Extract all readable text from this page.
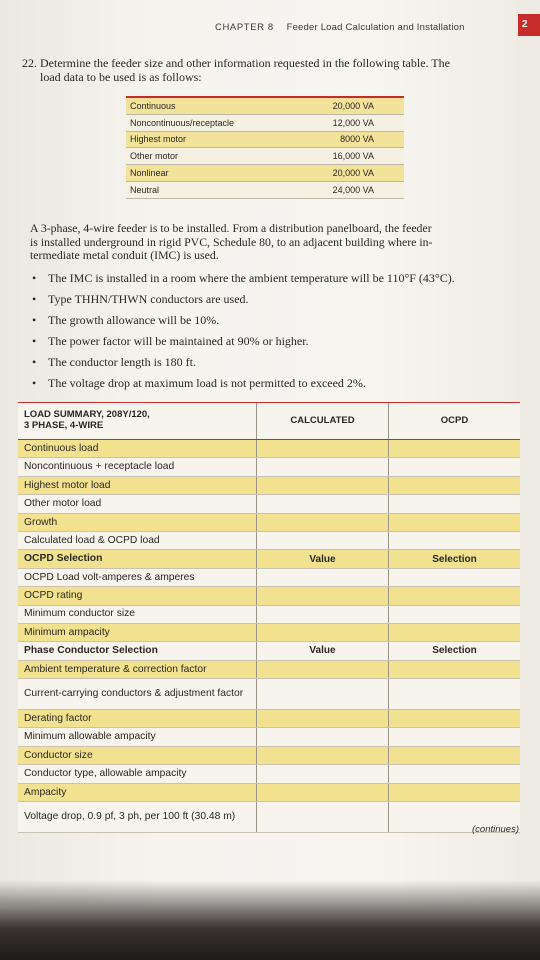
CHAPTER 8 Feeder Load Calculation and Installation	2
22. Determine the feeder size and other information requested in the following table. The
load data to be used is as follows:
Continuous	20,000 VA
Noncontinuous/receptacle	12,000 VA
Highest motor	8000 VA
Other motor	16,000 VA
Nonlinear	20,000 VA
Neutral	24,000 VA
A 3-phase, 4-wire feeder is to be installed. From a distribution panelboard, the feeder
is installed underground in rigid PVC, Schedule 80, to an adjacent building where in-
termediate metal conduit (IMC) is used.
• The IMC is installed in a room where the ambient temperature will be 110°F (43°C).
• Type THHN/THWN conductors are used.
• The growth allowance will be 10%.
• The power factor will be maintained at 90% or higher.
• The conductor length is 180 ft.
• The voltage drop at maximum load is not permitted to exceed 2%.
LOAD SUMMARY, 208Y/120,
3 PHASE, 4-WIRE	CALCULATED	OCPD
Continuous load
Noncontinuous + receptacle load
Highest motor load
Other motor load
Growth
Calculated load & OCPD load
OCPD Selection	Value	Selection
OCPD Load volt-amperes & amperes
OCPD rating
Minimum conductor size
Minimum ampacity
Phase Conductor Selection	Value	Selection
Ambient temperature & correction factor
Current-carrying conductors & adjustment factor
Derating factor
Minimum allowable ampacity
Conductor size
Conductor type, allowable ampacity
Ampacity
Voltage drop, 0.9 pf, 3 ph, per 100 ft (30.48 m)
(continues)
